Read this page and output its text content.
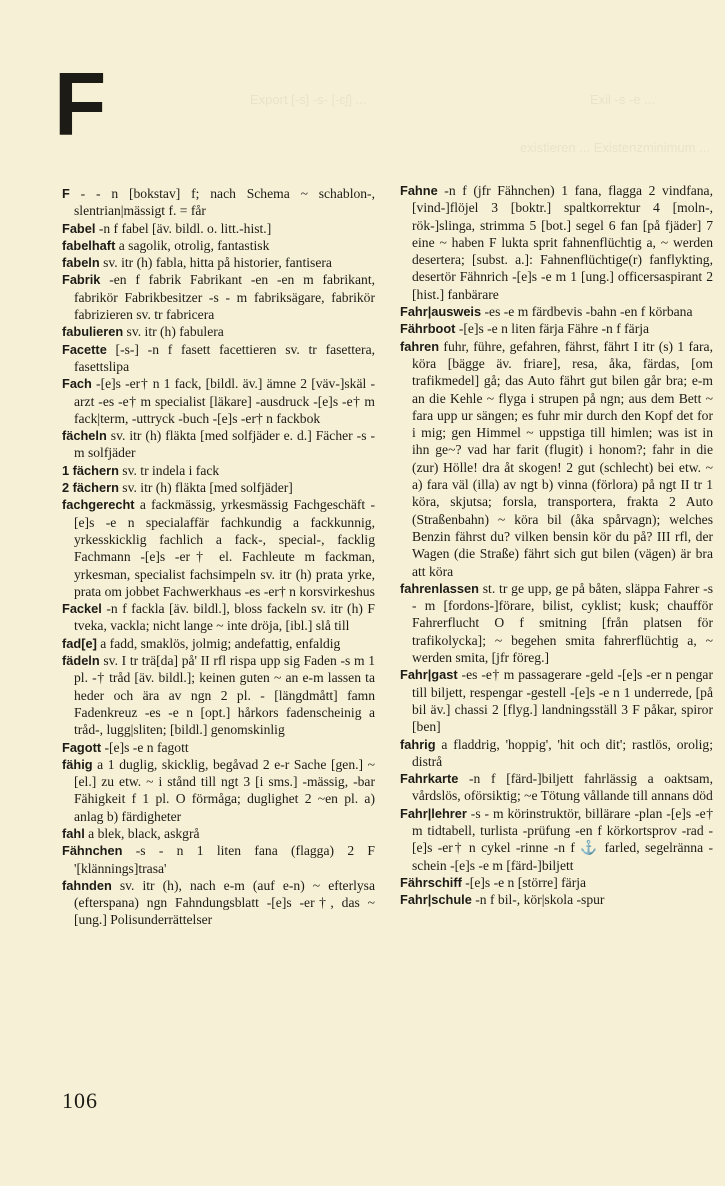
Export [-s] -s- [-ɛʃ] ...	Exil -s -e ...
existieren ... Existenzminimum ...
F

F - - n [bokstav] f; nach Schema ~ schablon-, slentrian|mässigt f. = får

Fabel -n f fabel [äv. bildl. o. litt.-hist.]

fabelhaft a sagolik, otrolig, fantastisk

fabeln sv. itr (h) fabla, hitta på historier, fantisera

Fabrik -en f fabrik Fabrikant -en -en m fabrikant, fabrikör Fabrikbesitzer -s - m fabriksägare, fabrikör fabrizieren sv. tr fabricera

fabulieren sv. itr (h) fabulera

Facette [-s-] -n f fasett facettieren sv. tr fasettera, fasettslipa

Fach -[e]s -er† n 1 fack, [bildl. äv.] ämne 2 [väv-]skäl -arzt -es -e† m specialist [läkare] -ausdruck -[e]s -e† m fack|term, -uttryck -buch -[e]s -er† n fackbok

fächeln sv. itr (h) fläkta [med solfjäder e. d.] Fächer -s - m solfjäder

1 fächern sv. tr indela i fack

2 fächern sv. itr (h) fläkta [med solfjäder]

fachgerecht a fackmässig, yrkesmässig Fachgeschäft -[e]s -e n specialaffär fachkundig a fackkunnig, yrkesskicklig fachlich a fack-, special-, facklig Fachmann -[e]s -er† el. Fachleute m fackman, yrkesman, specialist fachsimpeln sv. itr (h) prata yrke, prata om jobbet Fachwerkhaus -es -er† n korsvirkeshus

Fackel -n f fackla [äv. bildl.], bloss fackeln sv. itr (h) F tveka, vackla; nicht lange ~ inte dröja, [ibl.] slå till

fad[e] a fadd, smaklös, jolmig; andefattig, enfaldig

fädeln sv. I tr trä[da] på' II rfl rispa upp sig Faden -s m 1 pl. -† tråd [äv. bildl.]; keinen guten ~ an e-m lassen ta heder och ära av ngn 2 pl. - [längdmått] famn Fadenkreuz -es -e n [opt.] hårkors fadenscheinig a tråd-, lugg|sliten; [bildl.] genomskinlig

Fagott -[e]s -e n fagott

fähig a 1 duglig, skicklig, begåvad 2 e-r Sache [gen.] ~ [el.] zu etw. ~ i stånd till ngt 3 [i sms.] -mässig, -bar Fähigkeit f 1 pl. O förmåga; duglighet 2 ~en pl. a) anlag b) färdigheter

fahl a blek, black, askgrå

Fähnchen -s - n 1 liten fana (flagga) 2 F '[klännings]trasa'

fahnden sv. itr (h), nach e-m (auf e-n) ~ efterlysa (efterspana) ngn Fahndungsblatt -[e]s -er†, das ~ [ung.] Polisunderrättelser

Fahne -n f (jfr Fähnchen) 1 fana, flagga 2 vindfana, [vind-]flöjel 3 [boktr.] spaltkorrektur 4 [moln-, rök-]slinga, strimma 5 [bot.] segel 6 fan [på fjäder] 7 eine ~ haben F lukta sprit fahnenflüchtig a, ~ werden desertera; [subst. a.]: Fahnenflüchtige(r) fanflykting, desertör Fähnrich -[e]s -e m 1 [ung.] officersaspirant 2 [hist.] fanbärare

Fahr|ausweis -es -e m färdbevis -bahn -en f körbana

Fährboot -[e]s -e n liten färja Fähre -n f färja

fahren fuhr, führe, gefahren, fährst, fährt I itr (s) 1 fara, köra [bägge äv. friare], resa, åka, färdas, [om trafikmedel] gå; das Auto fährt gut bilen går bra; e-m an die Kehle ~ flyga i strupen på ngn; aus dem Bett ~ fara upp ur sängen; es fuhr mir durch den Kopf det for i mig; gen Himmel ~ uppstiga till himlen; was ist in ihn ge~? vad har farit (flugit) i honom?; fahr in die (zur) Hölle! dra åt skogen! 2 gut (schlecht) bei etw. ~ a) fara väl (illa) av ngt b) vinna (förlora) på ngt II tr 1 köra, skjutsa; forsla, transportera, frakta 2 Auto (Straßenbahn) ~ köra bil (åka spårvagn); welches Benzin fährst du? vilken bensin kör du på? III rfl, der Wagen (die Straße) fährt sich gut bilen (vägen) är bra att köra

fahrenlassen st. tr ge upp, ge på båten, släppa Fahrer -s - m [fordons-]förare, bilist, cyklist; kusk; chaufför Fahrerflucht O f smitning [från platsen för trafikolycka]; ~ begehen smita fahrerflüchtig a, ~ werden smita, [jfr föreg.]

Fahr|gast -es -e† m passagerare -geld -[e]s -er n pengar till biljett, respengar -gestell -[e]s -e n 1 underrede, [på bil äv.] chassi 2 [flyg.] landningsställ 3 F påkar, spiror [ben]

fahrig a fladdrig, 'hoppig', 'hit och dit'; rastlös, orolig; distrå

Fahrkarte -n f [färd-]biljett fahrlässig a oaktsam, vårdslös, oförsiktig; ~e Tötung vållande till annans död

Fahr|lehrer -s - m körinstruktör, billärare -plan -[e]s -e† m tidtabell, turlista -prüfung -en f körkortsprov -rad -[e]s -er† n cykel -rinne -n f ⚓ farled, segelränna -schein -[e]s -e m [färd-]biljett

Fährschiff -[e]s -e n [större] färja

Fahr|schule -n f bil-, kör|skola -spur

106
